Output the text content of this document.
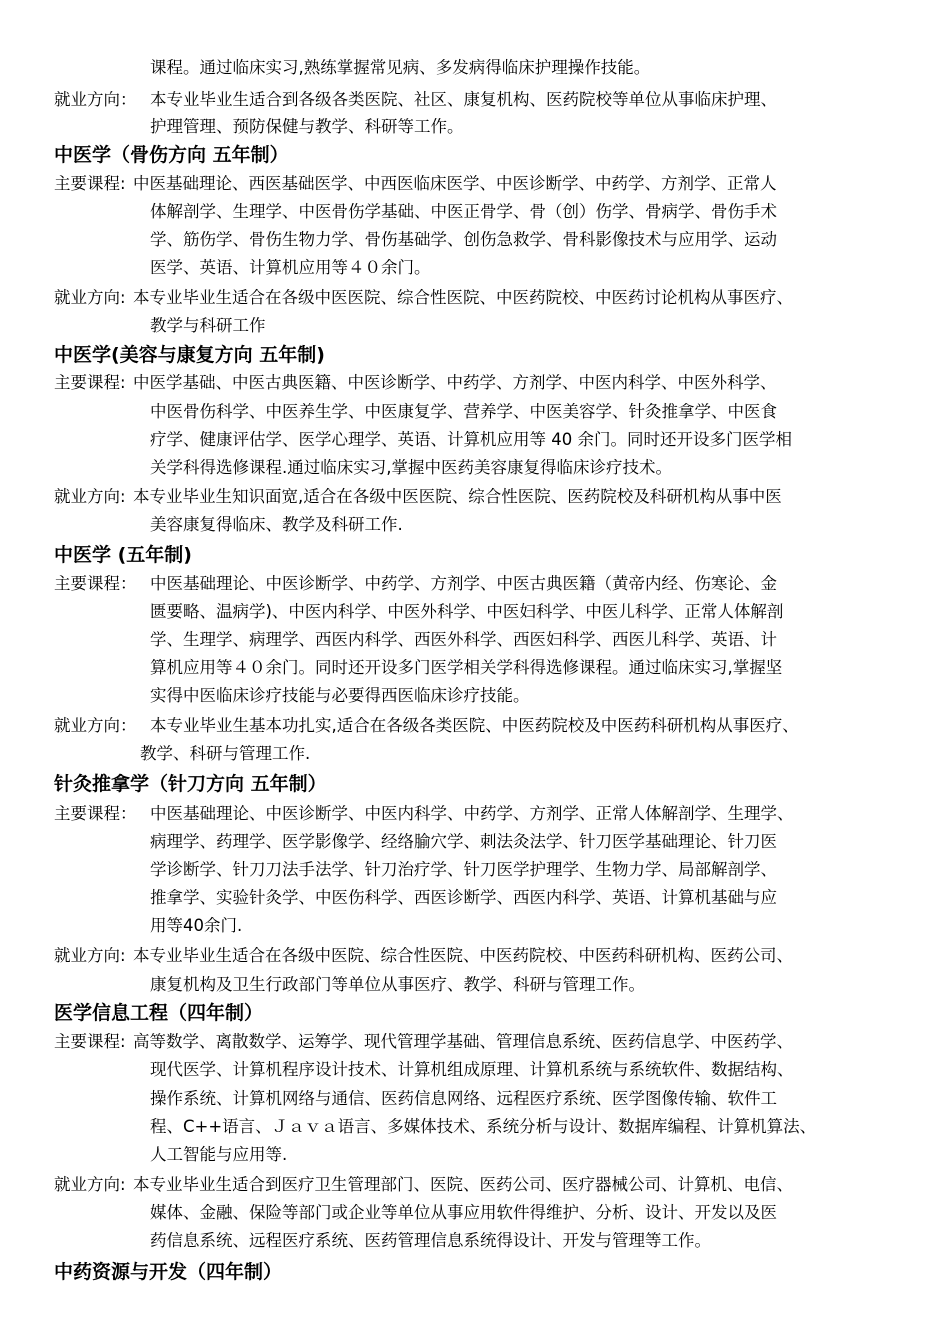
课程。通过临床实习,熟练掌握常见病、多发病得临床护理操作技能。
就业方向： 本专业毕业生适合到各级各类医院、社区、康复机构、医药院校等单位从事临床护理、
护理管理、预防保健与教学、科研等工作。
中医学（骨伤方向 五年制）
主要课程: 中医基础理论、西医基础医学、中西医临床医学、中医诊断学、中药学、方剂学、正常人
体解剖学、生理学、中医骨伤学基础、中医正骨学、骨（创）伤学、骨病学、骨伤手术
学、筋伤学、骨伤生物力学、骨伤基础学、创伤急救学、骨科影像技术与应用学、运动
医学、英语、计算机应用等４０余门。
就业方向: 本专业毕业生适合在各级中医医院、综合性医院、中医药院校、中医药讨论机构从事医疗、
教学与科研工作
中医学(美容与康复方向 五年制)
主要课程: 中医学基础、中医古典医籍、中医诊断学、中药学、方剂学、中医内科学、中医外科学、
中医骨伤科学、中医养生学、中医康复学、营养学、中医美容学、针灸推拿学、中医食
疗学、健康评估学、医学心理学、英语、计算机应用等 40 余门。同时还开设多门医学相
关学科得选修课程.通过临床实习,掌握中医药美容康复得临床诊疗技术。
就业方向: 本专业毕业生知识面宽,适合在各级中医医院、综合性医院、医药院校及科研机构从事中医
美容康复得临床、教学及科研工作.
中医学 (五年制)
主要课程： 中医基础理论、中医诊断学、中药学、方剂学、中医古典医籍（黄帝内经、伤寒论、金
匮要略、温病学)、中医内科学、中医外科学、中医妇科学、中医儿科学、正常人体解剖
学、生理学、病理学、西医内科学、西医外科学、西医妇科学、西医儿科学、英语、计
算机应用等４０余门。同时还开设多门医学相关学科得选修课程。通过临床实习,掌握坚
实得中医临床诊疗技能与必要得西医临床诊疗技能。
就业方向： 本专业毕业生基本功扎实,适合在各级各类医院、中医药院校及中医药科研机构从事医疗、
教学、科研与管理工作.
针灸推拿学（针刀方向 五年制）
主要课程： 中医基础理论、中医诊断学、中医内科学、中药学、方剂学、正常人体解剖学、生理学、
病理学、药理学、医学影像学、经络腧穴学、刺法灸法学、针刀医学基础理论、针刀医
学诊断学、针刀刀法手法学、针刀治疗学、针刀医学护理学、生物力学、局部解剖学、
推拿学、实验针灸学、中医伤科学、西医诊断学、西医内科学、英语、计算机基础与应
用等40余门.
就业方向: 本专业毕业生适合在各级中医院、综合性医院、中医药院校、中医药科研机构、医药公司、
康复机构及卫生行政部门等单位从事医疗、教学、科研与管理工作。
医学信息工程（四年制）
主要课程: 高等数学、离散数学、运筹学、现代管理学基础、管理信息系统、医药信息学、中医药学、
现代医学、计算机程序设计技术、计算机组成原理、计算机系统与系统软件、数据结构、
操作系统、计算机网络与通信、医药信息网络、远程医疗系统、医学图像传输、软件工
程、C++语言、Ｊａｖａ语言、多媒体技术、系统分析与设计、数据库编程、计算机算法、
人工智能与应用等.
就业方向: 本专业毕业生适合到医疗卫生管理部门、医院、医药公司、医疗器械公司、计算机、电信、
媒体、金融、保险等部门或企业等单位从事应用软件得维护、分析、设计、开发以及医
药信息系统、远程医疗系统、医药管理信息系统得设计、开发与管理等工作。
中药资源与开发（四年制）
